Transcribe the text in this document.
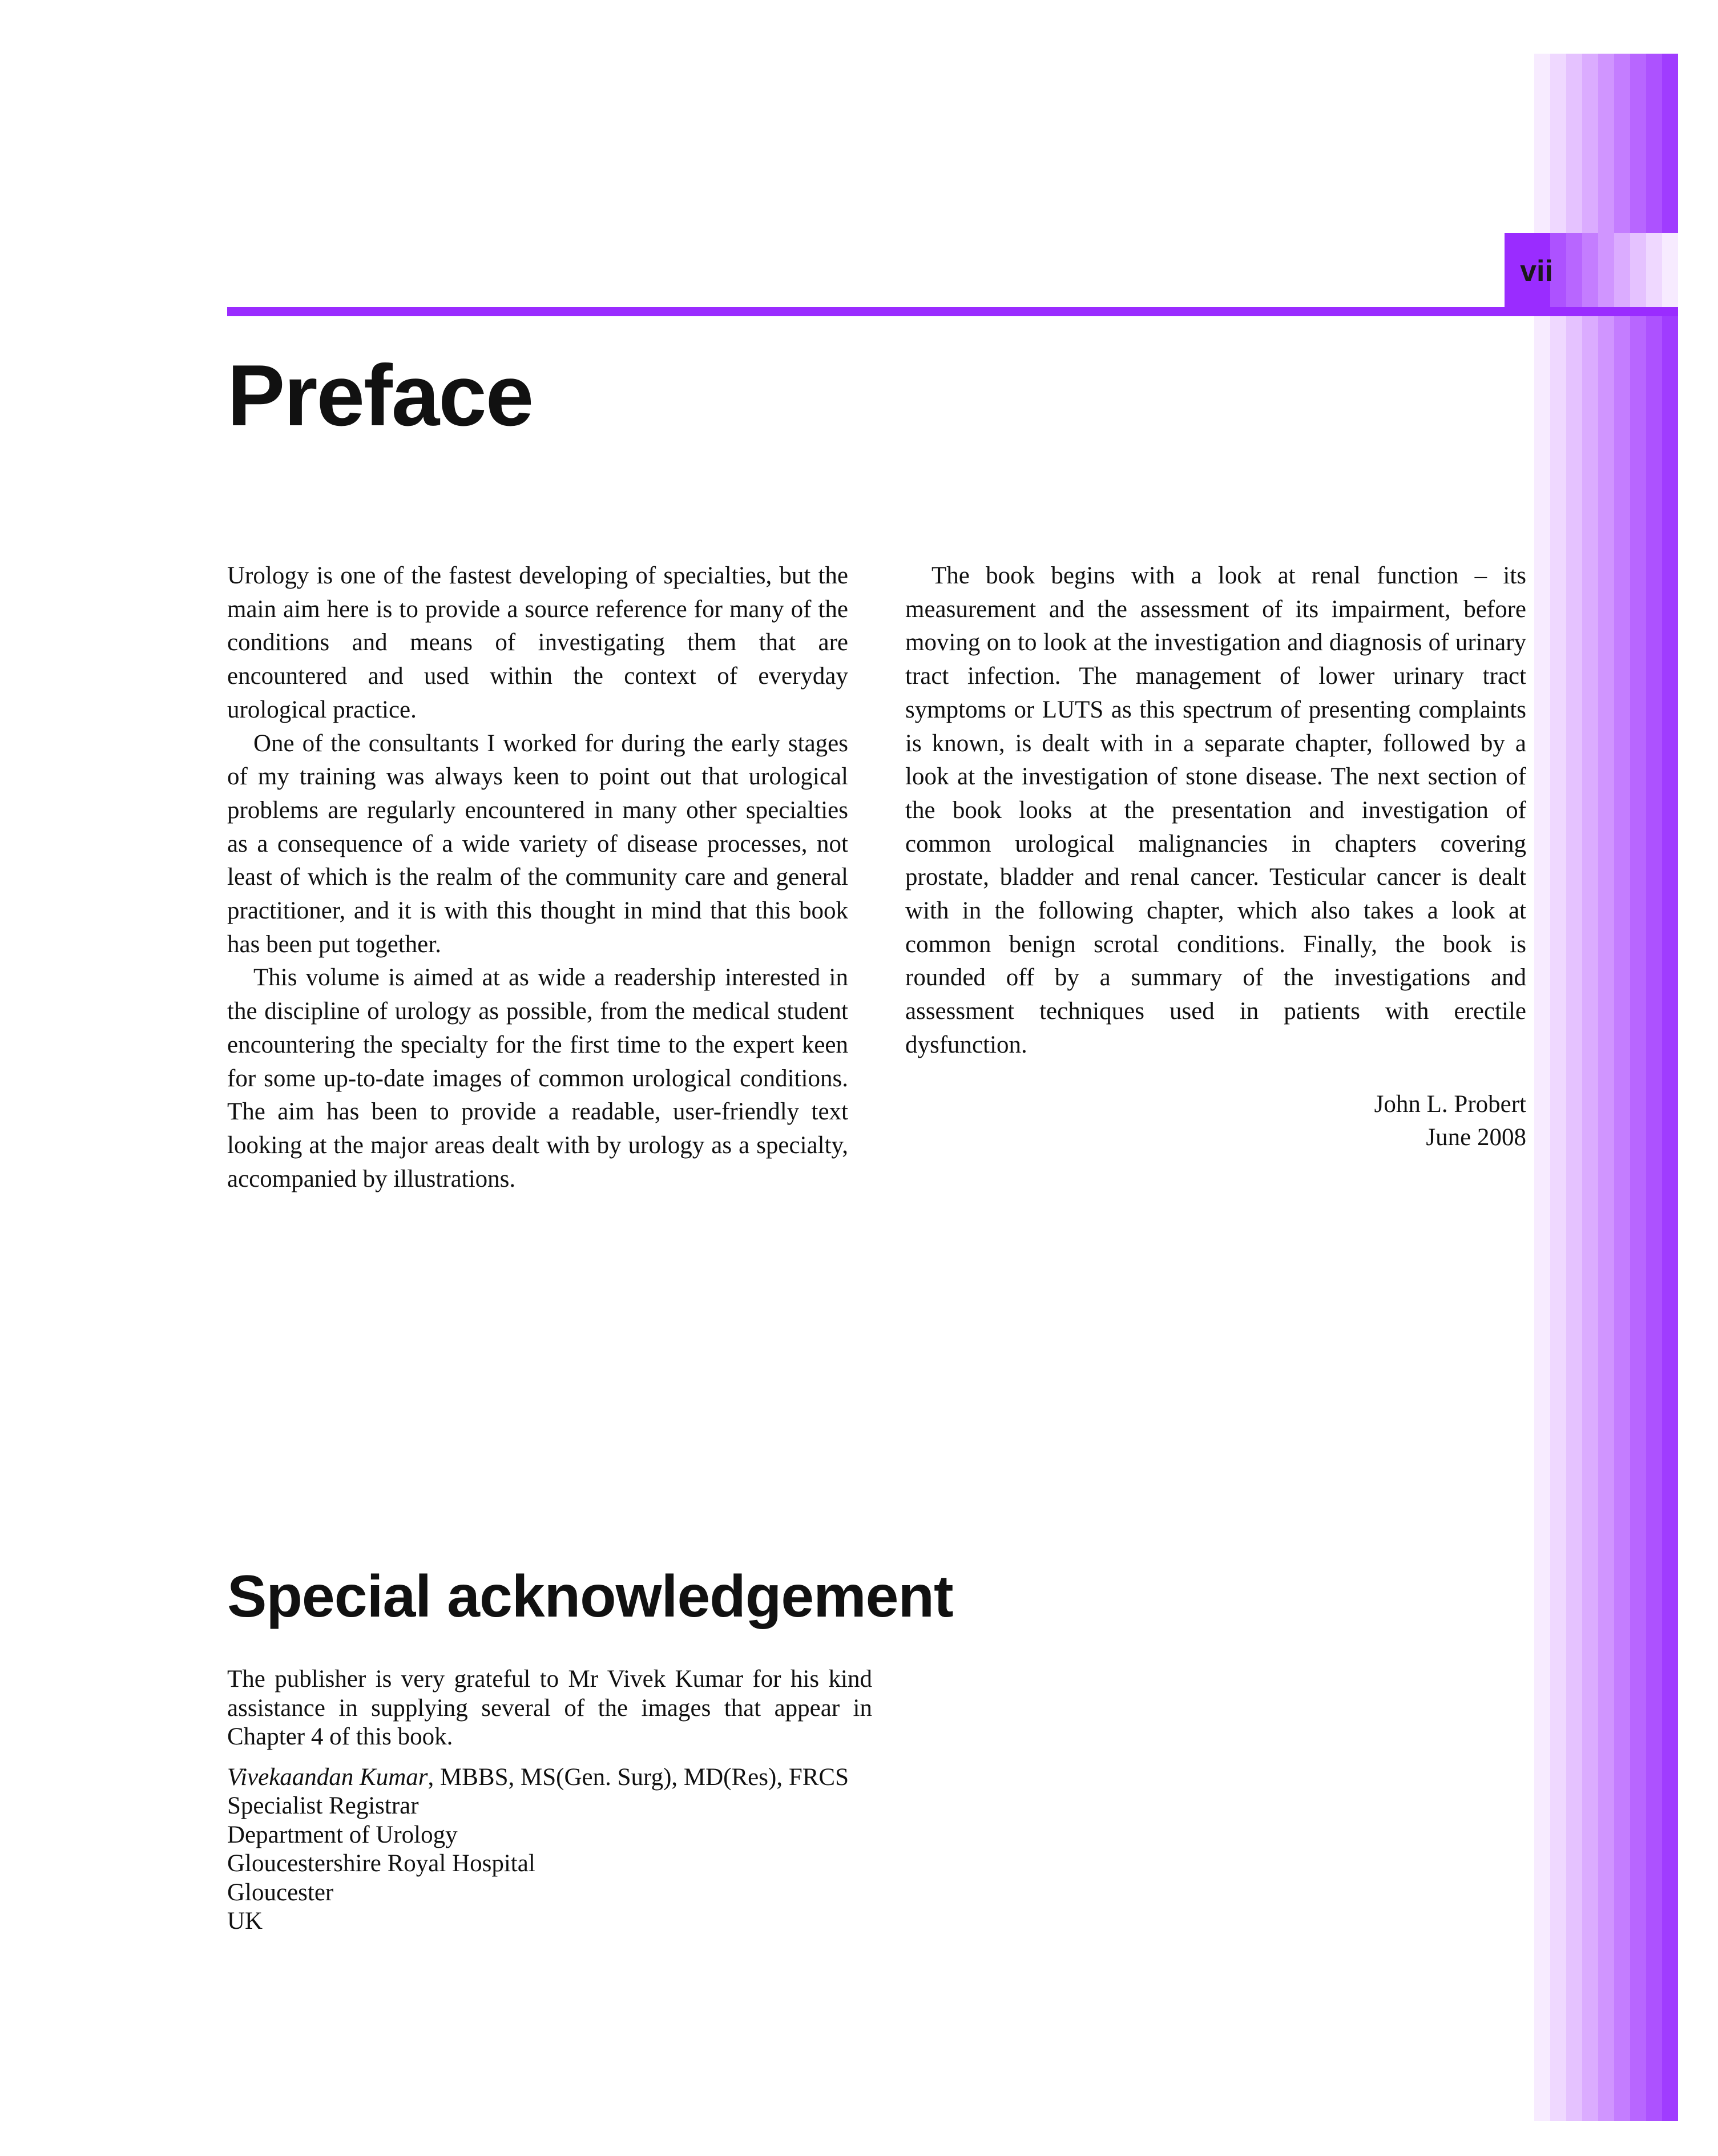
vii
Preface

Urology is one of the fastest developing of specialties, but the main aim here is to provide a source reference for many of the conditions and means of investigating them that are encountered and used within the context of everyday urological practice.

One of the consultants I worked for during the early stages of my training was always keen to point out that urological problems are regularly encountered in many other specialties as a consequence of a wide variety of disease processes, not least of which is the realm of the community care and general practitioner, and it is with this thought in mind that this book has been put together.

This volume is aimed at as wide a readership interested in the discipline of urology as possible, from the medical student encountering the specialty for the first time to the expert keen for some up-to-date images of common urological conditions. The aim has been to provide a readable, user-friendly text looking at the major areas dealt with by urology as a specialty, accompanied by illustrations.

The book begins with a look at renal function – its measurement and the assessment of its impairment, before moving on to look at the investigation and diagnosis of urinary tract infection. The management of lower urinary tract symptoms or LUTS as this spectrum of presenting complaints is known, is dealt with in a separate chapter, followed by a look at the investigation of stone disease. The next section of the book looks at the presentation and investigation of common urological malignancies in chapters covering prostate, bladder and renal cancer. Testicular cancer is dealt with in the following chapter, which also takes a look at common benign scrotal conditions. Finally, the book is rounded off by a summary of the investigations and assessment techniques used in patients with erectile dysfunction.

John L. Probert
June 2008
Special acknowledgement

The publisher is very grateful to Mr Vivek Kumar for his kind assistance in supplying several of the images that appear in Chapter 4 of this book.

Vivekaandan Kumar, MBBS, MS(Gen. Surg), MD(Res), FRCS
Specialist Registrar
Department of Urology
Gloucestershire Royal Hospital
Gloucester
UK
